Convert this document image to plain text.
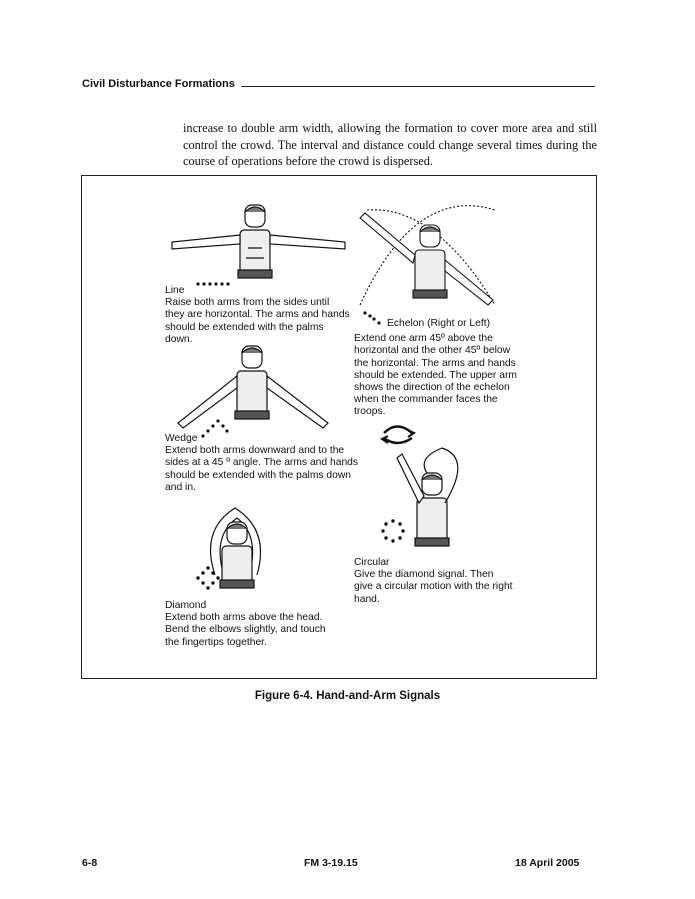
Civil Disturbance Formations

increase to double arm width, allowing the formation to cover more area and still control the crowd. The interval and distance could change several times during the course of operations before the crowd is dispersed.

Line
Raise both arms from the sides until they are horizontal. The arms and hands should be extended with the palms down.
Echelon (Right or Left)
Extend one arm 45º above the horizontal and the other 45º below the horizontal. The arms and hands should be extended. The upper arm shows the direction of the echelon when the commander faces the troops.
Wedge
Extend both arms downward and to the sides at a 45 º angle. The arms and hands should be extended with the palms down and in.
Circular
Give the diamond signal. Then give a circular motion with the right hand.
Diamond
Extend both arms above the head. Bend the elbows slightly, and touch the fingertips together.
Figure 6-4. Hand-and-Arm Signals
6-8	FM 3-19.15	18 April 2005
